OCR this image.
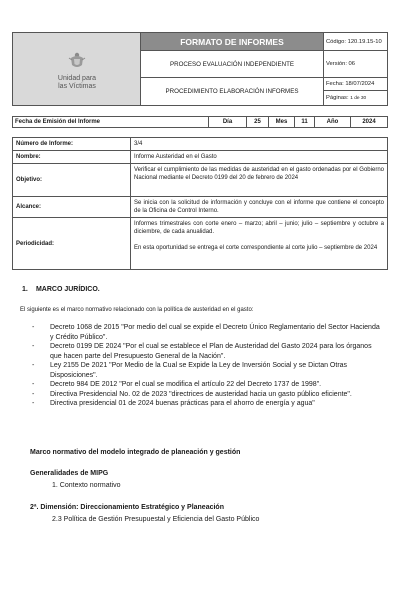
Unidad para
las Víctimas
FORMATO DE INFORMES
PROCESO EVALUACIÓN INDEPENDIENTE
PROCEDIMIENTO ELABORACIÓN INFORMES
Código: 120.19.15-10
Versión: 06
Fecha: 18/07/2024
Páginas: 1 de 30
Fecha de Emisión del Informe	Día	25	Mes	11	Año	2024
Número de Informe:	3/4
Nombre:	Informe Austeridad en el Gasto
Objetivo:
Verificar el cumplimiento de las medidas de austeridad en el gasto ordenadas por el Gobierno Nacional mediante el Decreto 0199 del 20 de febrero de 2024
Alcance:
Se inicia con la solicitud de información y concluye con el informe que contiene el concepto de la Oficina de Control Interno.
Periodicidad:
Informes trimestrales con corte enero – marzo; abril – junio; julio – septiembre y octubre a diciembre, de cada anualidad.
En esta oportunidad se entrega el corte correspondiente al corte julio – septiembre de 2024
1. MARCO JURÍDICO.
El siguiente es el marco normativo relacionado con la política de austeridad en el gasto:
- Decreto 1068 de 2015 "Por medio del cual se expide el Decreto Único Reglamentario del Sector Hacienda y Crédito Público".
- Decreto 0199 DE 2024 "Por el cual se establece el Plan de Austeridad del Gasto 2024 para los órganos que hacen parte del Presupuesto General de la Nación".
- Ley 2155 De 2021 "Por Medio de la Cual se Expide la Ley de Inversión Social y se Dictan Otras Disposiciones".
- Decreto 984 DE 2012 "Por el cual se modifica el artículo 22 del Decreto 1737 de 1998".
- Directiva Presidencial No. 02 de 2023 "directrices de austeridad hacia un gasto público eficiente".
- Directiva presidencial 01 de 2024 buenas prácticas para el ahorro de energía y agua"
Marco normativo del modelo integrado de planeación y gestión
Generalidades de MIPG
1. Contexto normativo
2ª. Dimensión: Direccionamiento Estratégico y Planeación
2.3 Política de Gestión Presupuestal y Eficiencia del Gasto Público
